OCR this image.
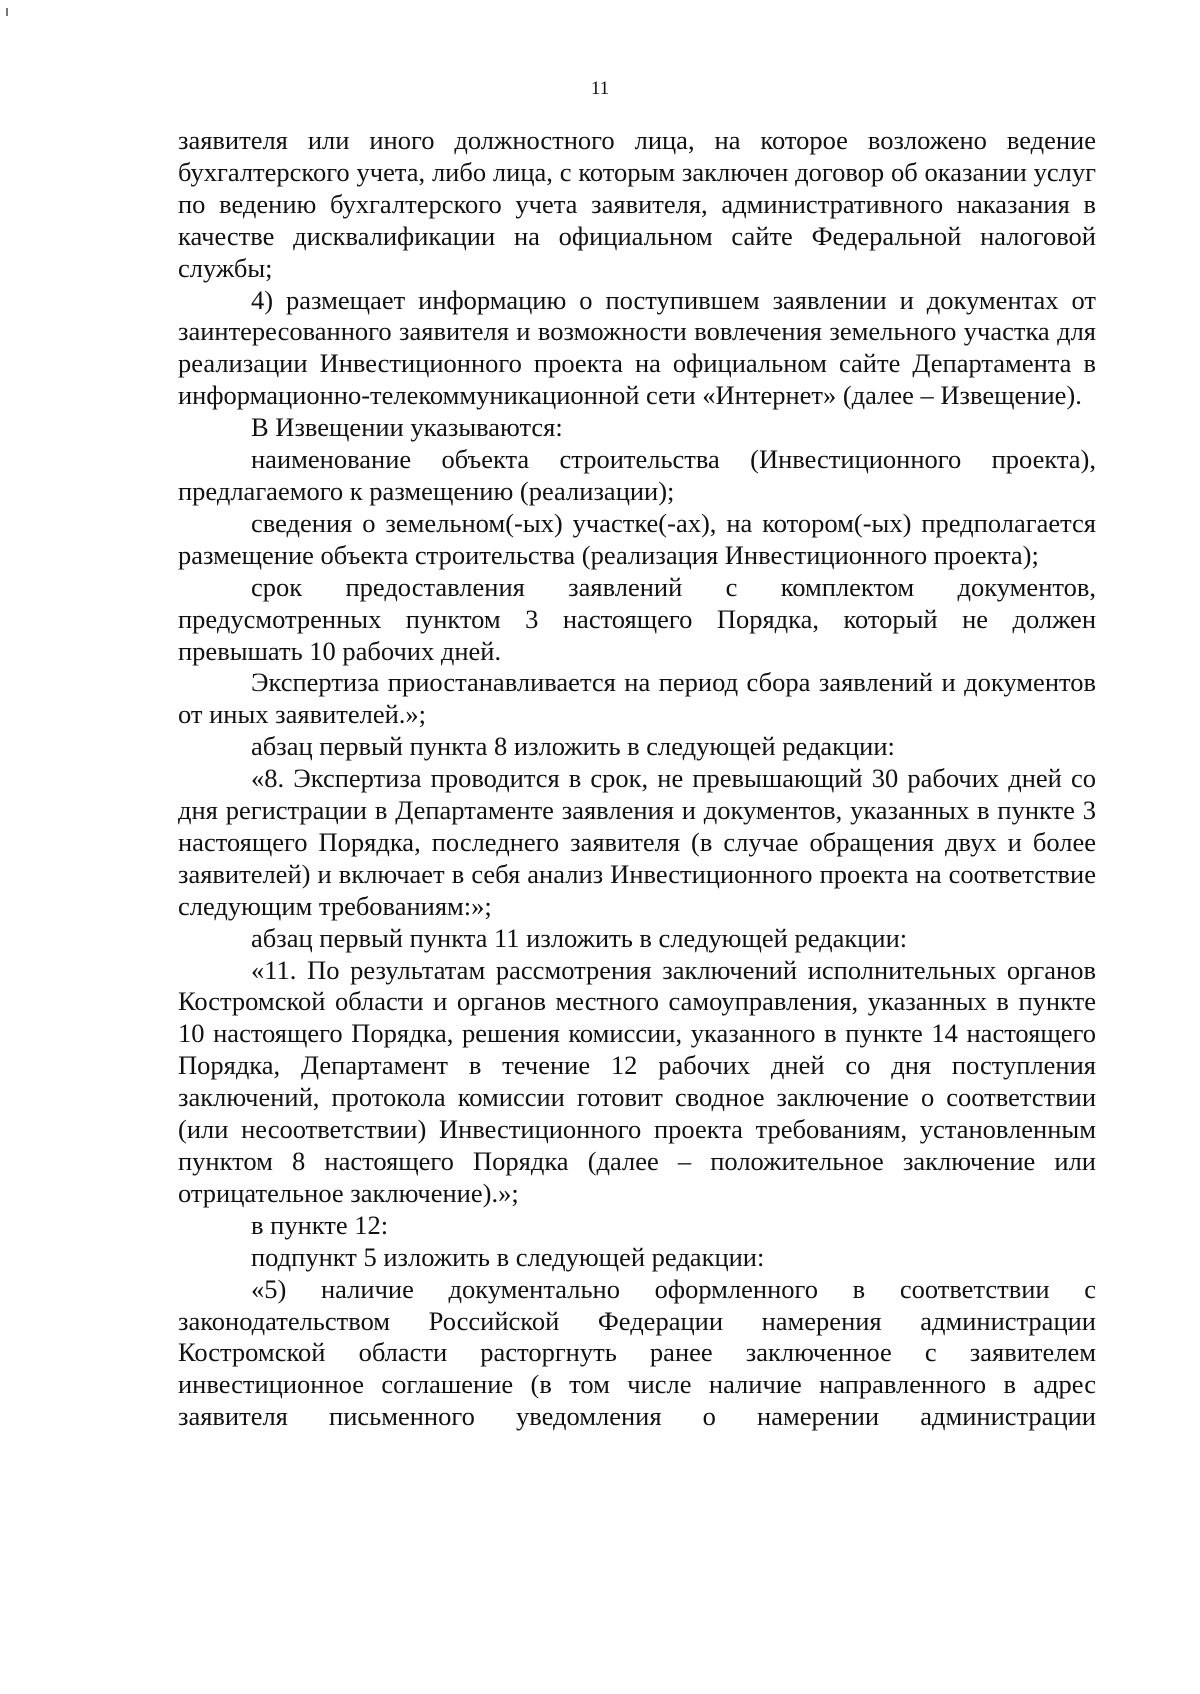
11

заявителя или иного должностного лица, на которое возложено ведение бухгалтерского учета, либо лица, с которым заключен договор об оказании услуг по ведению бухгалтерского учета заявителя, административного наказания в качестве дисквалификации на официальном сайте Федеральной налоговой службы;

4) размещает информацию о поступившем заявлении и документах от заинтересованного заявителя и возможности вовлечения земельного участка для реализации Инвестиционного проекта на официальном сайте Департамента в информационно-телекоммуникационной сети «Интернет» (далее – Извещение).

В Извещении указываются:

наименование объекта строительства (Инвестиционного проекта), предлагаемого к размещению (реализации);

сведения о земельном(-ых) участке(-ах), на котором(-ых) предполагается размещение объекта строительства (реализация Инвестиционного проекта);

срок предоставления заявлений с комплектом документов, предусмотренных пунктом 3 настоящего Порядка, который не должен превышать 10 рабочих дней.

Экспертиза приостанавливается на период сбора заявлений и документов от иных заявителей.»;

абзац первый пункта 8 изложить в следующей редакции:

«8. Экспертиза проводится в срок, не превышающий 30 рабочих дней со дня регистрации в Департаменте заявления и документов, указанных в пункте 3 настоящего Порядка, последнего заявителя (в случае обращения двух и более заявителей) и включает в себя анализ Инвестиционного проекта на соответствие следующим требованиям:»;

абзац первый пункта 11 изложить в следующей редакции:

«11. По результатам рассмотрения заключений исполнительных органов Костромской области и органов местного самоуправления, указанных в пункте 10 настоящего Порядка, решения комиссии, указанного в пункте 14 настоящего Порядка, Департамент в течение 12 рабочих дней со дня поступления заключений, протокола комиссии готовит сводное заключение о соответствии (или несоответствии) Инвестиционного проекта требованиям, установленным пунктом 8 настоящего Порядка (далее – положительное заключение или отрицательное заключение).»;

в пункте 12:

подпункт 5 изложить в следующей редакции:

«5) наличие документально оформленного в соответствии с законодательством Российской Федерации намерения администрации Костромской области расторгнуть ранее заключенное с заявителем инвестиционное соглашение (в том числе наличие направленного в адрес заявителя письменного уведомления о намерении администрации
